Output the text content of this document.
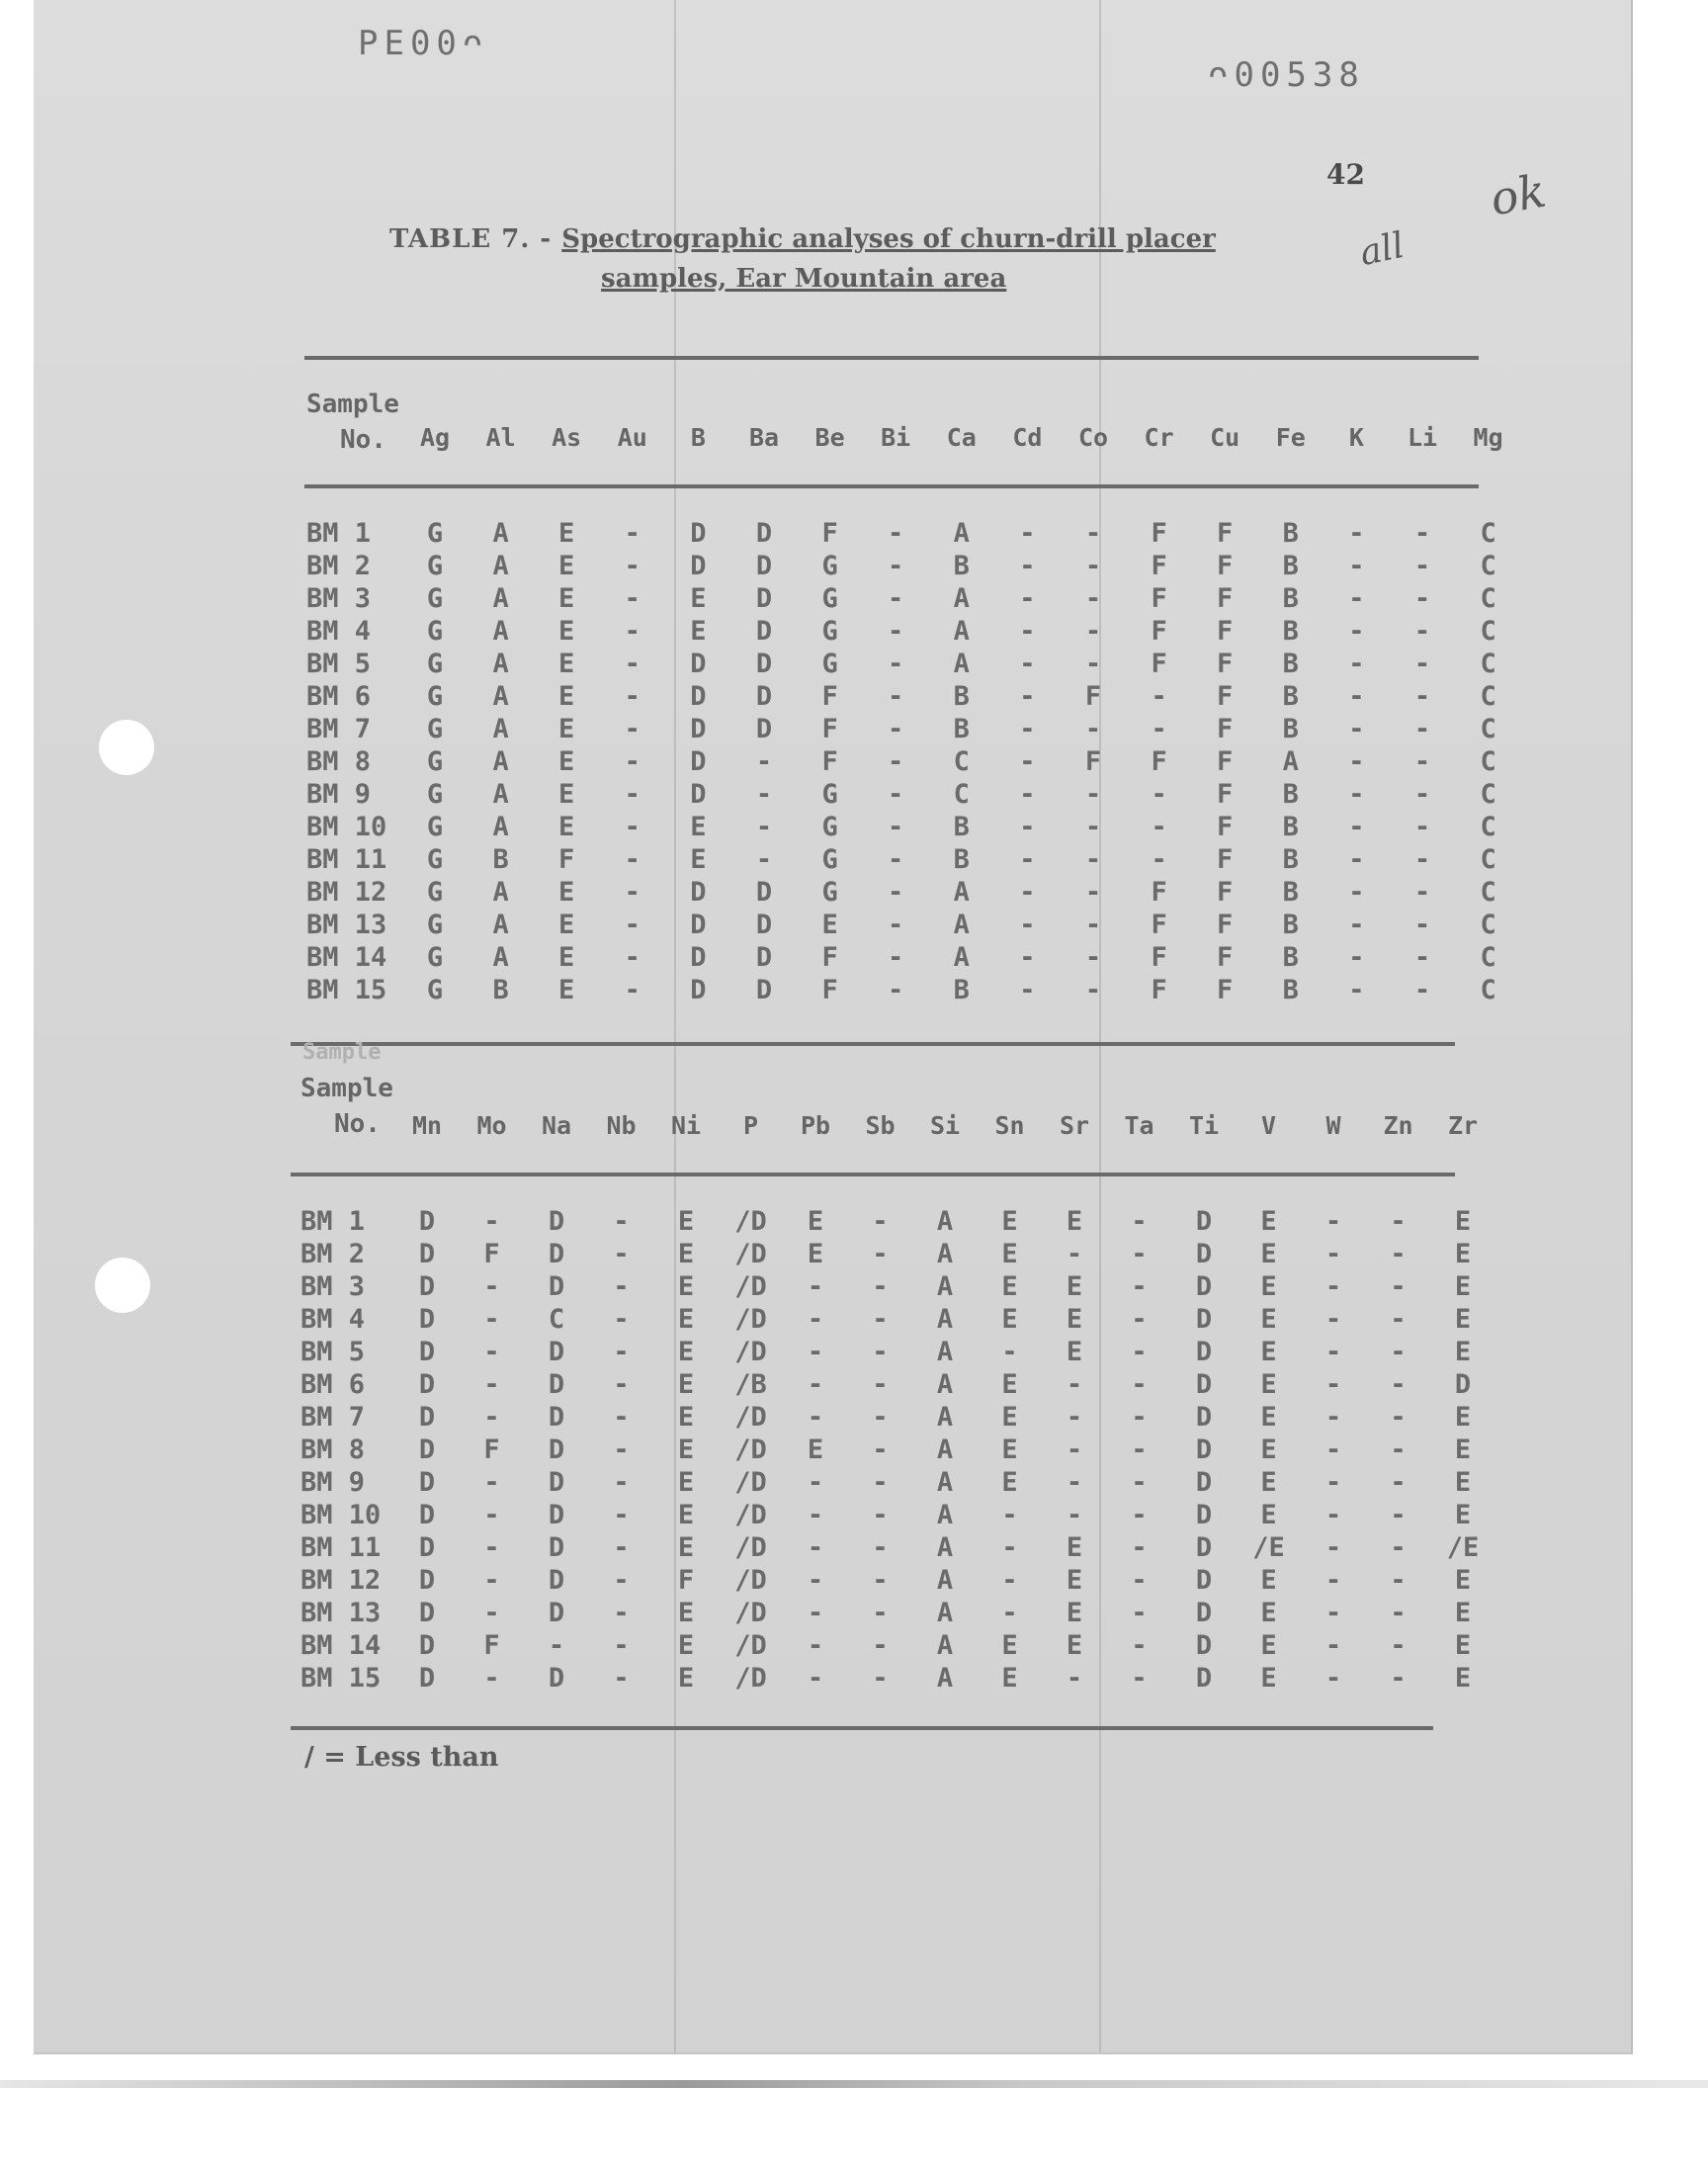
PE00ᴖ
ᴖ00538
42	ok
all
TABLE 7. - Spectrographic analyses of churn-drill placer
samples, Ear Mountain area
Sample
No.	Ag	Al	As	Au	B	Ba	Be	Bi	Ca	Cd	Co	Cr	Cu	Fe	K	Li	Mg
BM 1	G	A	E	-	D	D	F	-	A	-	-	F	F	B	-	-	C
BM 2	G	A	E	-	D	D	G	-	B	-	-	F	F	B	-	-	C
BM 3	G	A	E	-	E	D	G	-	A	-	-	F	F	B	-	-	C
BM 4	G	A	E	-	E	D	G	-	A	-	-	F	F	B	-	-	C
BM 5	G	A	E	-	D	D	G	-	A	-	-	F	F	B	-	-	C
BM 6	G	A	E	-	D	D	F	-	B	-	F	-	F	B	-	-	C
BM 7	G	A	E	-	D	D	F	-	B	-	-	-	F	B	-	-	C
BM 8	G	A	E	-	D	-	F	-	C	-	F	F	F	A	-	-	C
BM 9	G	A	E	-	D	-	G	-	C	-	-	-	F	B	-	-	C
BM 10	G	A	E	-	E	-	G	-	B	-	-	-	F	B	-	-	C
BM 11	G	B	F	-	E	-	G	-	B	-	-	-	F	B	-	-	C
BM 12	G	A	E	-	D	D	G	-	A	-	-	F	F	B	-	-	C
BM 13	G	A	E	-	D	D	E	-	A	-	-	F	F	B	-	-	C
BM 14	G	A	E	-	D	D	F	-	A	-	-	F	F	B	-	-	C
BM 15	G	B	E	-	D	D	F	-	B	-	-	F	F	B	-	-	C
Sample
Sample
No.	Mn	Mo	Na	Nb	Ni	P	Pb	Sb	Si	Sn	Sr	Ta	Ti	V	W	Zn	Zr
BM 1	D	-	D	-	E	/D	E	-	A	E	E	-	D	E	-	-	E
BM 2	D	F	D	-	E	/D	E	-	A	E	-	-	D	E	-	-	E
BM 3	D	-	D	-	E	/D	-	-	A	E	E	-	D	E	-	-	E
BM 4	D	-	C	-	E	/D	-	-	A	E	E	-	D	E	-	-	E
BM 5	D	-	D	-	E	/D	-	-	A	-	E	-	D	E	-	-	E
BM 6	D	-	D	-	E	/B	-	-	A	E	-	-	D	E	-	-	D
BM 7	D	-	D	-	E	/D	-	-	A	E	-	-	D	E	-	-	E
BM 8	D	F	D	-	E	/D	E	-	A	E	-	-	D	E	-	-	E
BM 9	D	-	D	-	E	/D	-	-	A	E	-	-	D	E	-	-	E
BM 10	D	-	D	-	E	/D	-	-	A	-	-	-	D	E	-	-	E
BM 11	D	-	D	-	E	/D	-	-	A	-	E	-	D	/E	-	-	/E
BM 12	D	-	D	-	F	/D	-	-	A	-	E	-	D	E	-	-	E
BM 13	D	-	D	-	E	/D	-	-	A	-	E	-	D	E	-	-	E
BM 14	D	F	-	-	E	/D	-	-	A	E	E	-	D	E	-	-	E
BM 15	D	-	D	-	E	/D	-	-	A	E	-	-	D	E	-	-	E
/ = Less than
